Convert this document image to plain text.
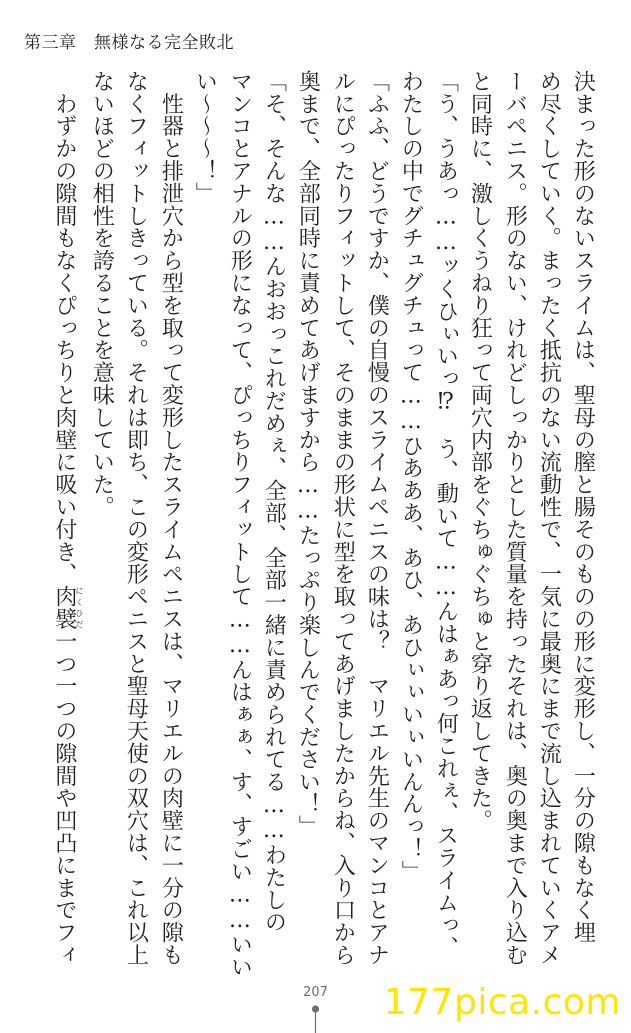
第三章　 無様なる完全敗北
決まった形のないスライムは、聖母の膣と腸そのものの形に変形し、一分の隙もなく埋
め尽くしていく。まったく抵抗のない流動性で、一気に最奥にまで流し込まれていくアメ
ーバペニス。形のない、けれどしっかりとした質量を持ったそれは、奥の奥まで入り込む
と同時に、激しくうねり狂って両穴内部をぐちゅぐちゅと穿り返してきた。
「う、うあっ……ッくひぃいっ⁉　う、動いて……んはぁあっ何これぇ、スライムっ、
わたしの中でグチュグチュって……ひあああ、あひ、あひぃぃいぃいんんっ！」
「ふふ、どうですか、僕の自慢のスライムペニスの味は？　マリエル先生のマンコとアナ
ルにぴったりフィットして、そのままの形状に型を取ってあげましたからね、入り口から
奥まで、全部同時に責めてあげますから……たっぷり楽しんでください！」
「そ、そんな……んおおっこれだめぇ、全部、全部一緒に責められてる……わたしの
マンコとアナルの形になって、ぴっちりフィットして……んはぁぁ、す、すごい……いい
い～～～！」
　性器と排泄穴から型を取って変形したスライムペニスは、マリエルの肉壁に一分の隙も
なくフィットしきっている。それは即ち、この変形ペニスと聖母天使の双穴は、これ以上
ないほどの相性を誇ることを意味していた。
　わずかの隙間もなくぴっちりと肉壁に吸い付き、肉襞にくひだ一つ一つの隙間や凹凸にまでフィ
207	177pica.com
